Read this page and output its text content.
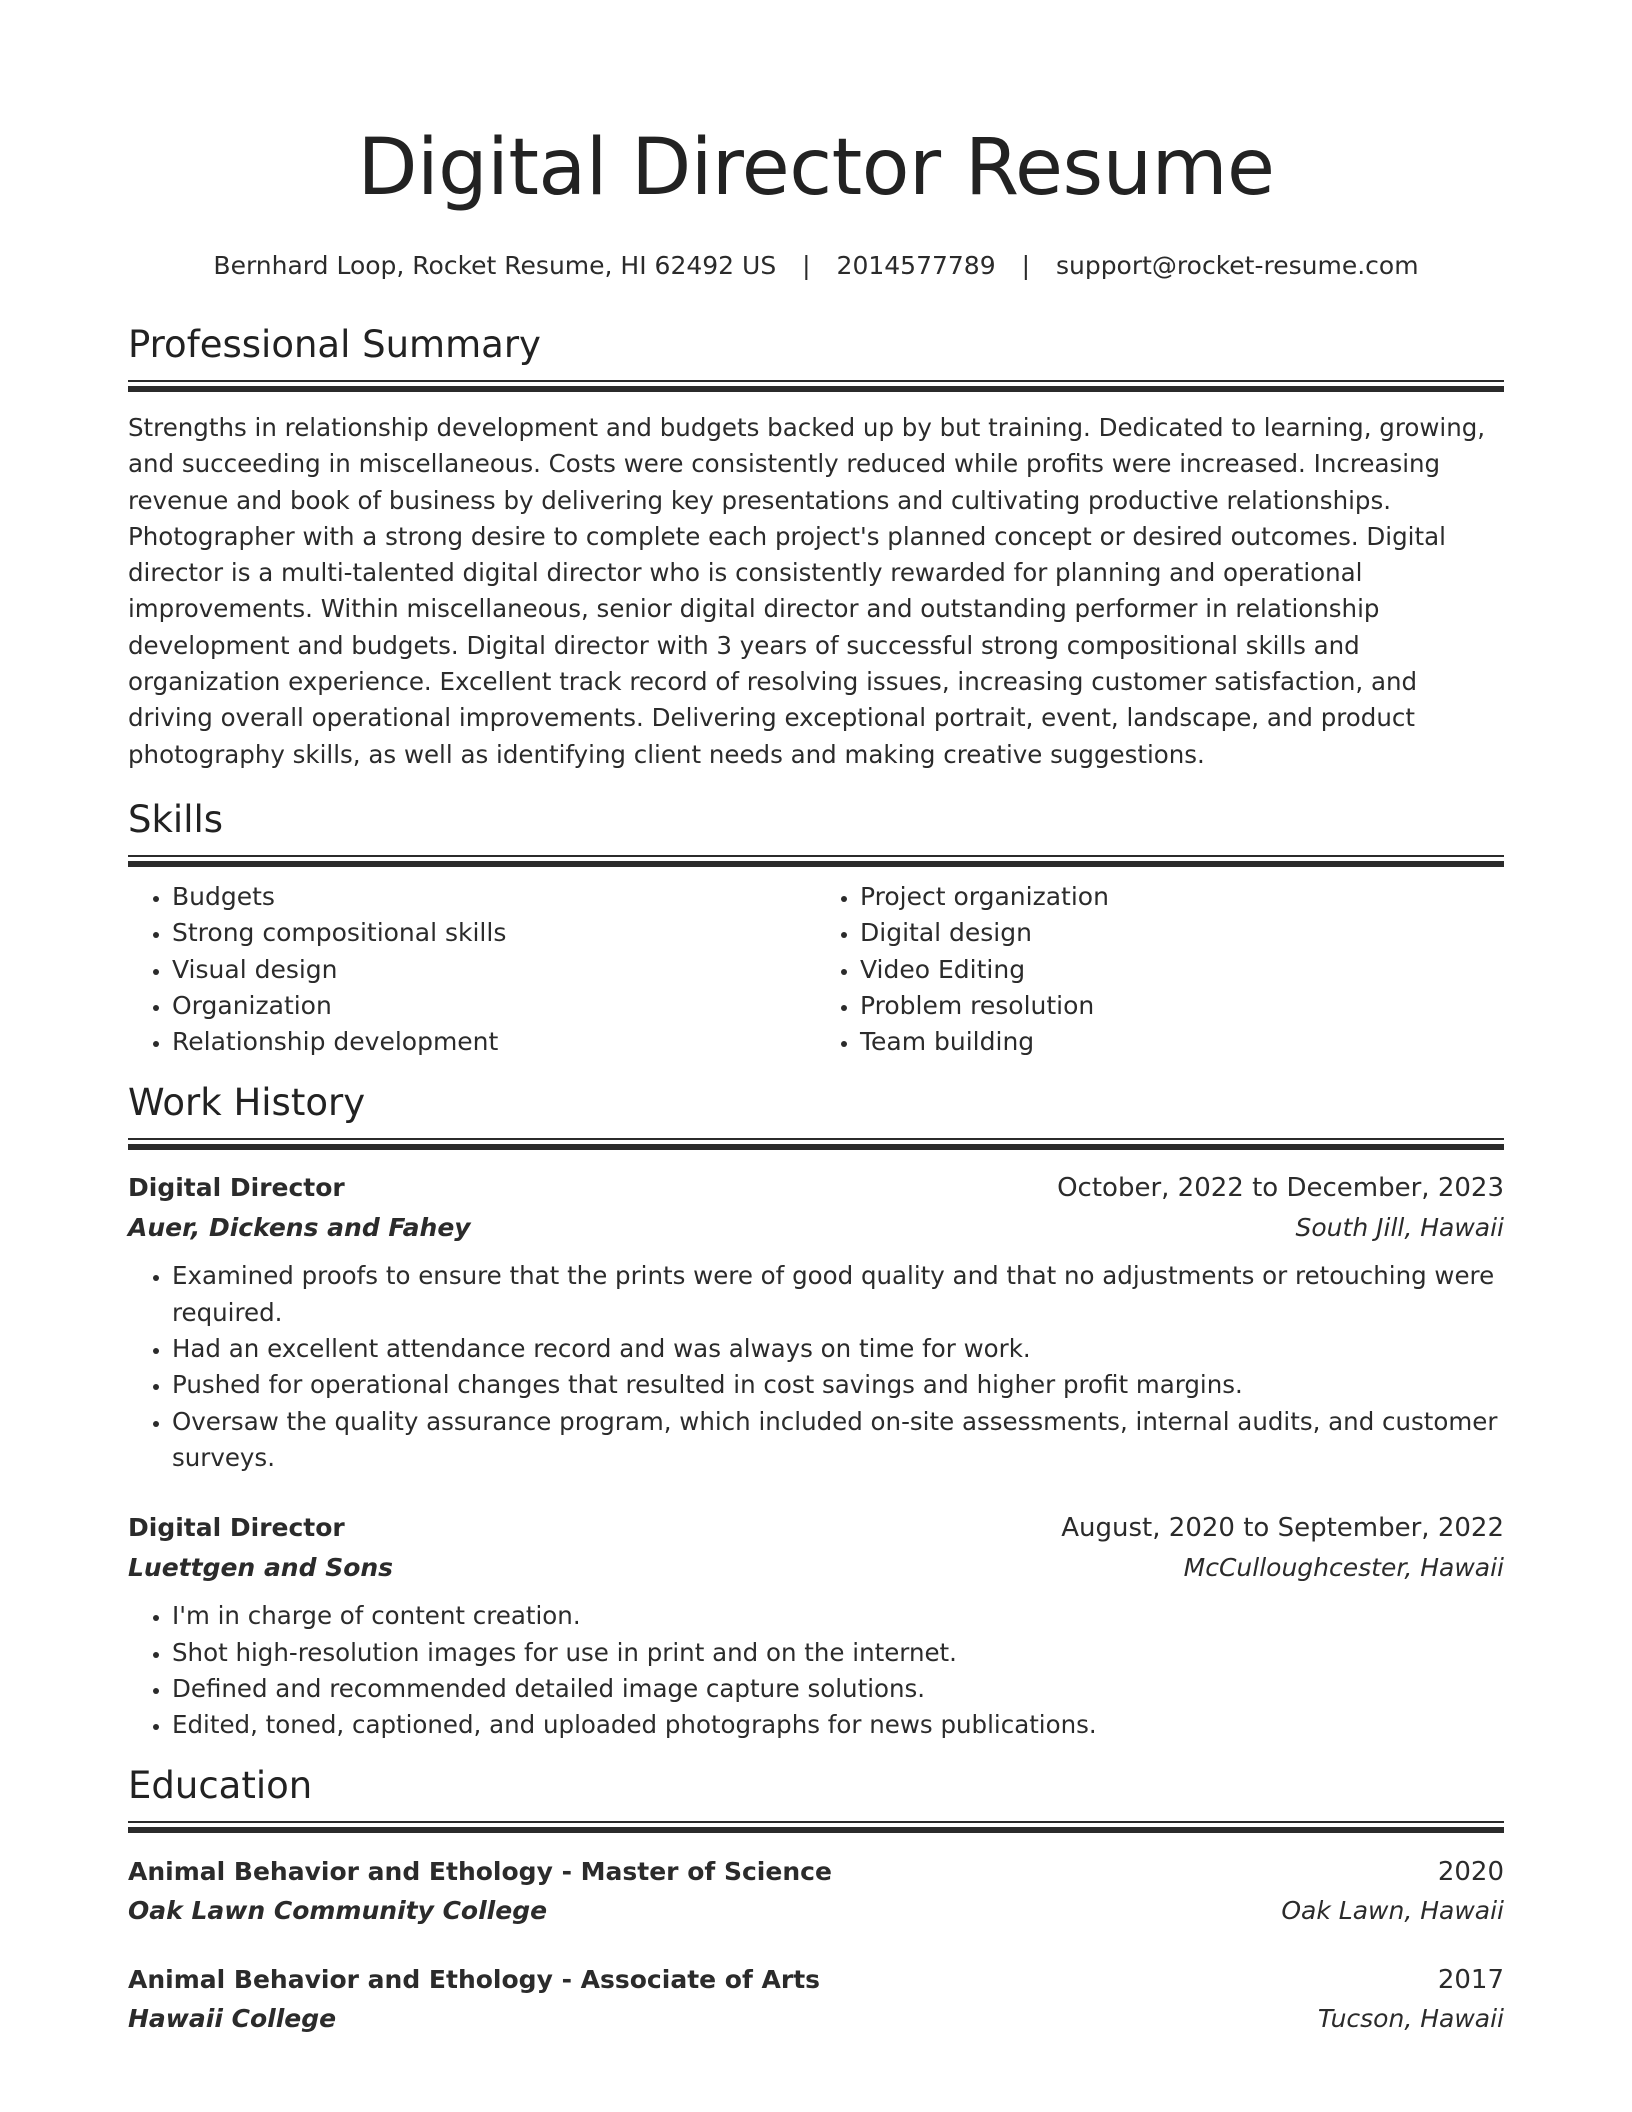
Digital Director Resume
Bernhard Loop, Rocket Resume, HI 62492 US | 2014577789 | support@rocket-resume.com
Professional Summary

Strengths in relationship development and budgets backed up by but training. Dedicated to learning, growing, and succeeding in miscellaneous. Costs were consistently reduced while profits were increased. Increasing revenue and book of business by delivering key presentations and cultivating productive relationships. Photographer with a strong desire to complete each project's planned concept or desired outcomes. Digital director is a multi-talented digital director who is consistently rewarded for planning and operational improvements. Within miscellaneous, senior digital director and outstanding performer in relationship development and budgets. Digital director with 3 years of successful strong compositional skills and organization experience. Excellent track record of resolving issues, increasing customer satisfaction, and driving overall operational improvements. Delivering exceptional portrait, event, landscape, and product photography skills, as well as identifying client needs and making creative suggestions.

Skills
• Budgets
• Strong compositional skills
• Visual design
• Organization
• Relationship development
• Project organization
• Digital design
• Video Editing
• Problem resolution
• Team building
Work History
Digital Director	October, 2022 to December, 2023
Auer, Dickens and Fahey	South Jill, Hawaii
• Examined proofs to ensure that the prints were of good quality and that no adjustments or retouching were required.
• Had an excellent attendance record and was always on time for work.
• Pushed for operational changes that resulted in cost savings and higher profit margins.
• Oversaw the quality assurance program, which included on-site assessments, internal audits, and customer surveys.
Digital Director	August, 2020 to September, 2022
Luettgen and Sons	McCulloughcester, Hawaii
• I'm in charge of content creation.
• Shot high-resolution images for use in print and on the internet.
• Defined and recommended detailed image capture solutions.
• Edited, toned, captioned, and uploaded photographs for news publications.
Education
Animal Behavior and Ethology - Master of Science	2020
Oak Lawn Community College	Oak Lawn, Hawaii
Animal Behavior and Ethology - Associate of Arts	2017
Hawaii College	Tucson, Hawaii
